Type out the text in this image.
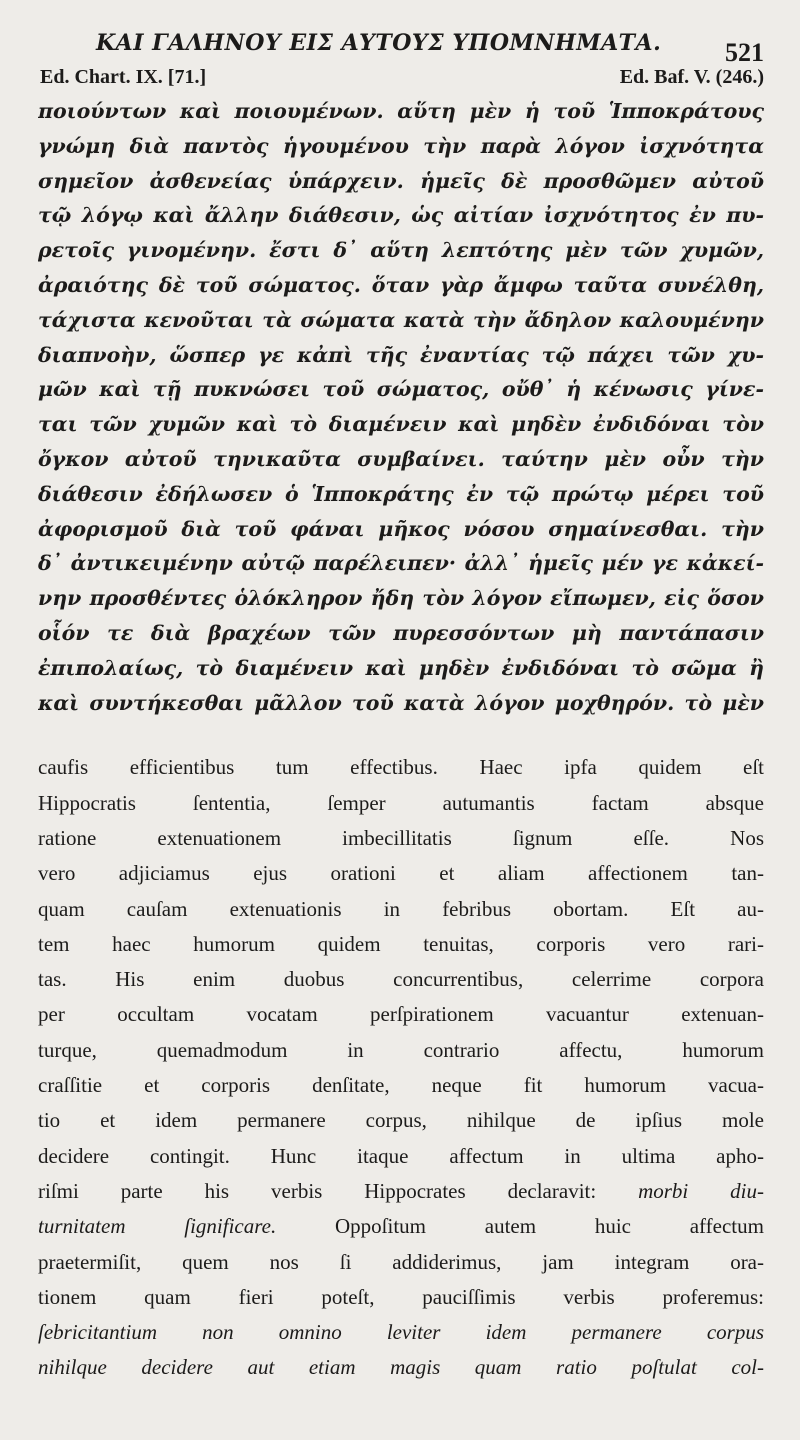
ΚΑΙ ΓΑΛΗΝΟΥ ΕΙΣ ΑΥΤΟΥΣ ΥΠΟΜΝΗΜΑΤΑ. 521
Ed. Chart. IX. [71.]	Ed. Baf. V. (246.)
ποιούντων καὶ ποιουμένων. αὕτη μὲν ἡ τοῦ Ἱπποκράτους
γνώμη διὰ παντὸς ἡγουμένου τὴν παρὰ λόγον ἰσχνότητα
σημεῖον ἀσθενείας ὑπάρχειν. ἡμεῖς δὲ προσθῶμεν αὐτοῦ
τῷ λόγῳ καὶ ἄλλην διάθεσιν, ὡς αἰτίαν ἰσχνότητος ἐν πυ-
ρετοῖς γινομένην. ἔστι δ᾽ αὕτη λεπτότης μὲν τῶν χυμῶν,
ἀραιότης δὲ τοῦ σώματος. ὅταν γὰρ ἄμφω ταῦτα συνέλθη,
τάχιστα κενοῦται τὰ σώματα κατὰ τὴν ἄδηλον καλουμένην
διαπνοὴν, ὥσπερ γε κἀπὶ τῆς ἐναντίας τῷ πάχει τῶν χυ-
μῶν καὶ τῇ πυκνώσει τοῦ σώματος, οὔθ᾽ ἡ κένωσις γίνε-
ται τῶν χυμῶν καὶ τὸ διαμένειν καὶ μηδὲν ἐνδιδόναι τὸν
ὄγκον αὐτοῦ τηνικαῦτα συμβαίνει. ταύτην μὲν οὖν τὴν
διάθεσιν ἐδήλωσεν ὁ Ἱπποκράτης ἐν τῷ πρώτῳ μέρει τοῦ
ἀφορισμοῦ διὰ τοῦ φάναι μῆκος νόσου σημαίνεσθαι. τὴν
δ᾽ ἀντικειμένην αὐτῷ παρέλειπεν· ἀλλ᾽ ἡμεῖς μέν γε κἀκεί-
νην προσθέντες ὁλόκληρον ἤδη τὸν λόγον εἴπωμεν, εἰς ὅσον
οἷόν τε διὰ βραχέων τῶν πυρεσσόντων μὴ παντάπασιν
ἐπιπολαίως, τὸ διαμένειν καὶ μηδὲν ἐνδιδόναι τὸ σῶμα ἢ
καὶ συντήκεσθαι μᾶλλον τοῦ κατὰ λόγον μοχθηρόν. τὸ μὲν
caufis efficientibus tum effectibus. Haec ipfa quidem eſt
Hippocratis ſententia, ſemper autumantis factam absque
ratione extenuationem imbecillitatis ſignum eſſe. Nos
vero adjiciamus ejus orationi et aliam affectionem tan-
quam cauſam extenuationis in febribus obortam. Eſt au-
tem haec humorum quidem tenuitas, corporis vero rari-
tas. His enim duobus concurrentibus, celerrime corpora
per occultam vocatam perſpirationem vacuantur extenuan-
turque, quemadmodum in contrario affectu, humorum
craſſitie et corporis denſitate, neque fit humorum vacua-
tio et idem permanere corpus, nihilque de ipſius mole
decidere contingit. Hunc itaque affectum in ultima apho-
riſmi parte his verbis Hippocrates declaravit: morbi diu-
turnitatem ſignificare. Oppoſitum autem huic affectum
praetermiſit, quem nos ſi addiderimus, jam integram ora-
tionem quam fieri poteſt, pauciſſimis verbis proferemus:
ſebricitantium non omnino leviter idem permanere corpus
nihilque decidere aut etiam magis quam ratio poſtulat col-
